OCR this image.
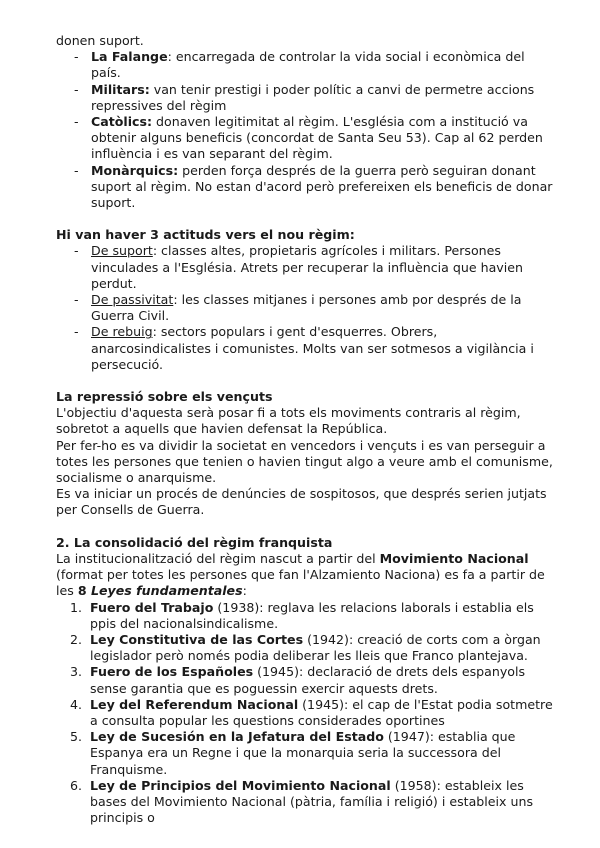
donen suport.

- La Falange: encarregada de controlar la vida social i econòmica del país.
- Militars: van tenir prestigi i poder polític a canvi de permetre accions repressives del règim
- Catòlics: donaven legitimitat al règim. L'església com a institució va obtenir alguns beneficis (concordat de Santa Seu 53). Cap al 62 perden influència i es van separant del règim.
- Monàrquics: perden força després de la guerra però seguiran donant suport al règim. No estan d'acord però prefereixen els beneficis de donar suport.
Hi van haver 3 actituds vers el nou règim:
- De suport: classes altes, propietaris agrícoles i militars. Persones vinculades a l'Església. Atrets per recuperar la influència que havien perdut.
- De passivitat: les classes mitjanes i persones amb por després de la Guerra Civil.
- De rebuig: sectors populars i gent d'esquerres. Obrers, anarcosindicalistes i comunistes. Molts van ser sotmesos a vigilància i persecució.
La repressió sobre els vençuts

L'objectiu d'aquesta serà posar fi a tots els moviments contraris al règim, sobretot a aquells que havien defensat la República.

Per fer-ho es va dividir la societat en vencedors i vençuts i es van perseguir a totes les persones que tenien o havien tingut algo a veure amb el comunisme, socialisme o anarquisme.

Es va iniciar un procés de denúncies de sospitosos, que després serien jutjats per Consells de Guerra.

2. La consolidació del règim franquista

La institucionalització del règim nascut a partir del Movimiento Nacional (format per totes les persones que fan l'Alzamiento Naciona) es fa a partir de les 8 Leyes fundamentales:

1. Fuero del Trabajo (1938): reglava les relacions laborals i establia els ppis del nacionalsindicalisme.
2. Ley Constitutiva de las Cortes (1942): creació de corts com a òrgan legislador però només podia deliberar les lleis que Franco plantejava.
3. Fuero de los Españoles (1945): declaració de drets dels espanyols sense garantia que es poguessin exercir aquests drets.
4. Ley del Referendum Nacional (1945): el cap de l'Estat podia sotmetre a consulta popular les questions considerades oportines
5. Ley de Sucesión en la Jefatura del Estado (1947): establia que Espanya era un Regne i que la monarquia seria la successora del Franquisme.
6. Ley de Principios del Movimiento Nacional (1958): estableix les bases del Movimiento Nacional (pàtria, família i religió) i estableix uns principis o
